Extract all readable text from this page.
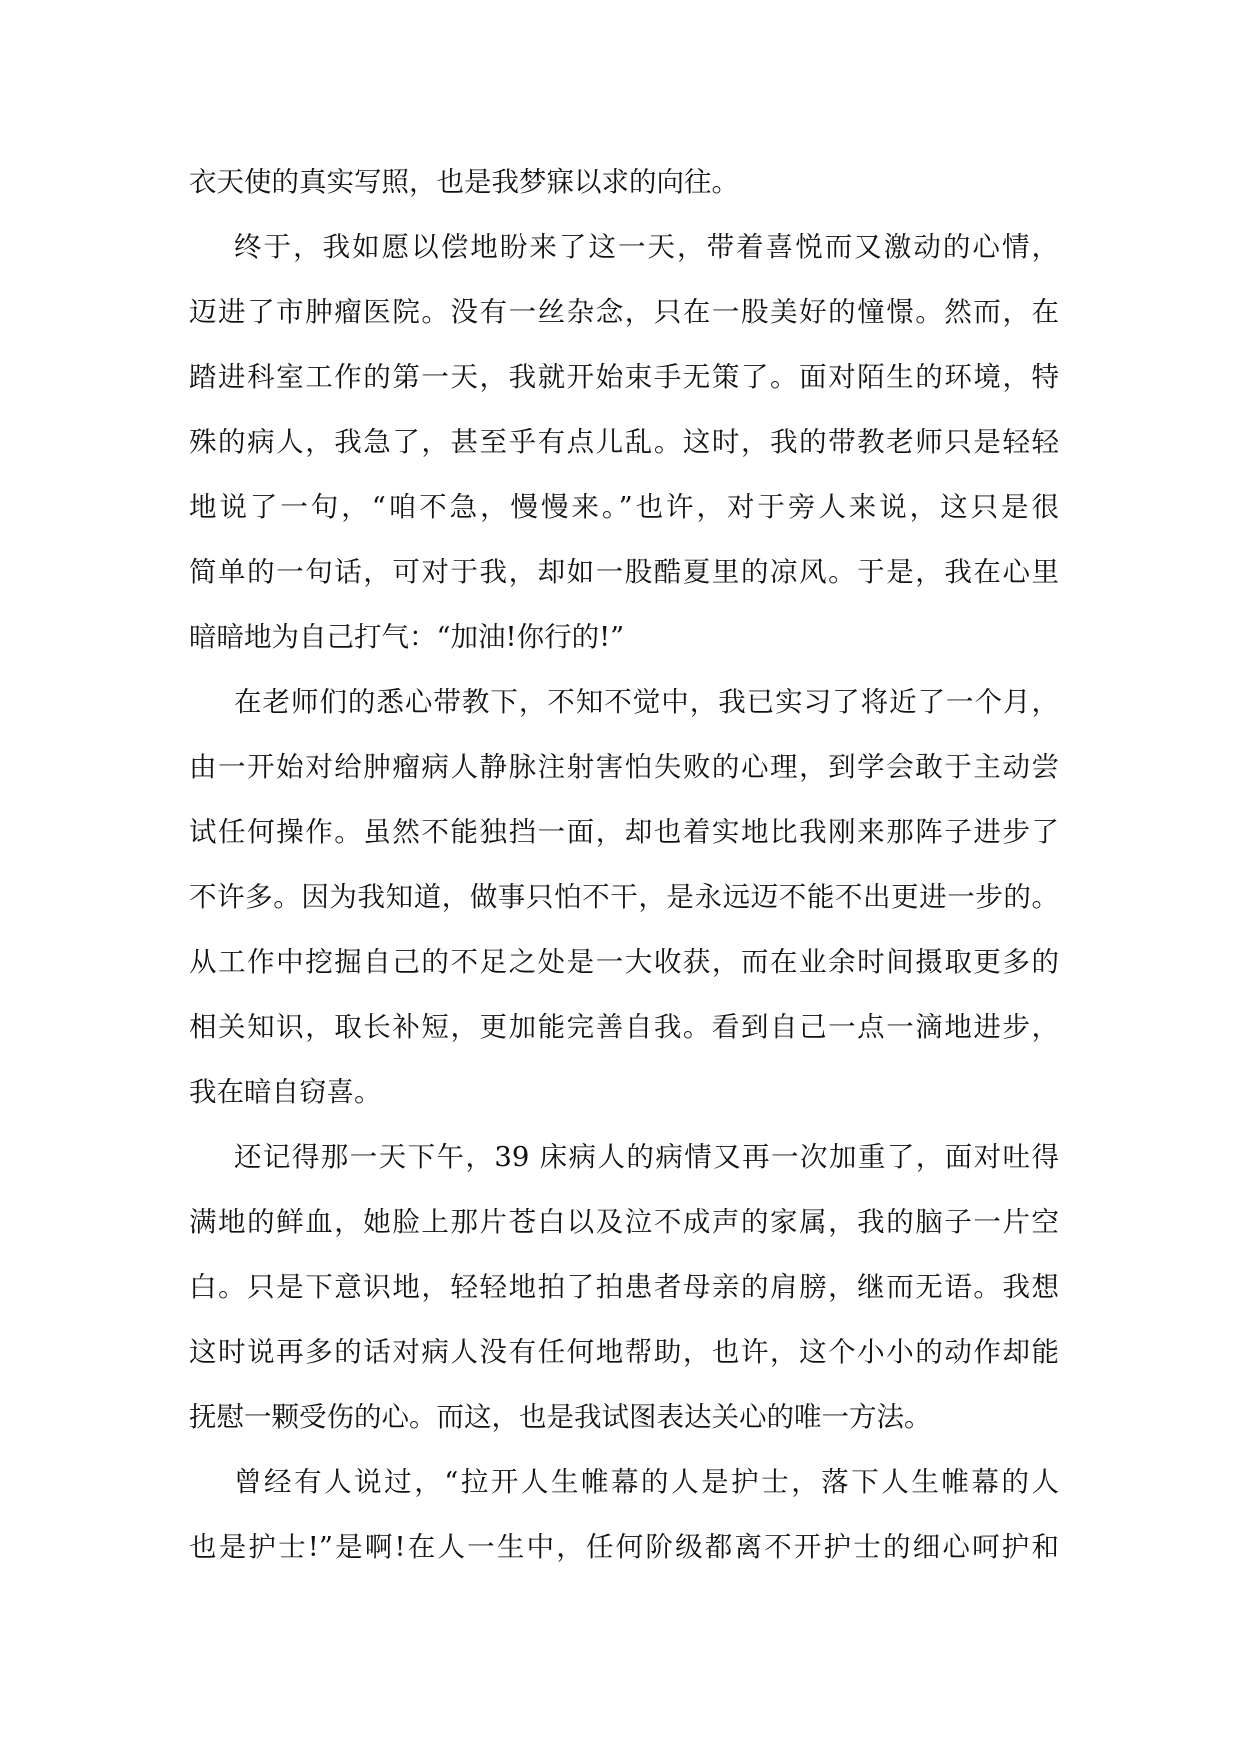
衣天使的真实写照，也是我梦寐以求的向往。
终于，我如愿以偿地盼来了这一天，带着喜悦而又激动的心情，
迈进了市肿瘤医院。没有一丝杂念，只在一股美好的憧憬。然而，在
踏进科室工作的第一天，我就开始束手无策了。面对陌生的环境，特
殊的病人，我急了，甚至乎有点儿乱。这时，我的带教老师只是轻轻
地说了一句，“咱不急，慢慢来。”也许，对于旁人来说，这只是很
简单的一句话，可对于我，却如一股酷夏里的凉风。于是，我在心里
暗暗地为自己打气：“加油!你行的!”
在老师们的悉心带教下，不知不觉中，我已实习了将近了一个月，
由一开始对给肿瘤病人静脉注射害怕失败的心理，到学会敢于主动尝
试任何操作。虽然不能独挡一面，却也着实地比我刚来那阵子进步了
不许多。因为我知道，做事只怕不干，是永远迈不能不出更进一步的。
从工作中挖掘自己的不足之处是一大收获，而在业余时间摄取更多的
相关知识，取长补短，更加能完善自我。看到自己一点一滴地进步，
我在暗自窃喜。
还记得那一天下午，39 床病人的病情又再一次加重了，面对吐得
满地的鲜血，她脸上那片苍白以及泣不成声的家属，我的脑子一片空
白。只是下意识地，轻轻地拍了拍患者母亲的肩膀，继而无语。我想
这时说再多的话对病人没有任何地帮助，也许，这个小小的动作却能
抚慰一颗受伤的心。而这，也是我试图表达关心的唯一方法。
曾经有人说过，“拉开人生帷幕的人是护士，落下人生帷幕的人
也是护士!”是啊!在人一生中，任何阶级都离不开护士的细心呵护和
